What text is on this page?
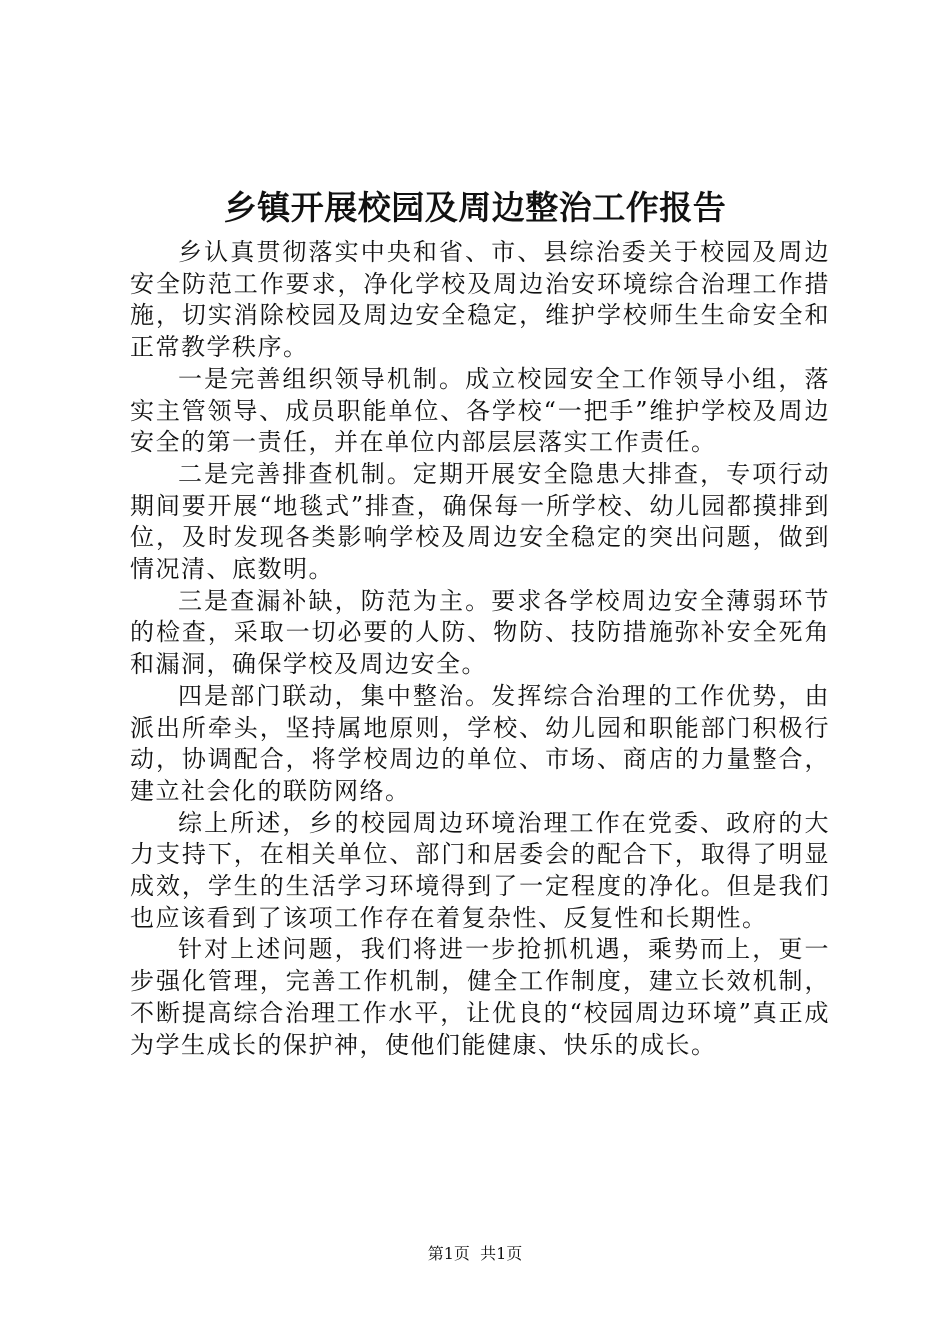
乡镇开展校园及周边整治工作报告

乡认真贯彻落实中央和省、市、县综治委关于校园及周边安全防范工作要求，净化学校及周边治安环境综合治理工作措施，切实消除校园及周边安全稳定，维护学校师生生命安全和正常教学秩序。

一是完善组织领导机制。成立校园安全工作领导小组，落实主管领导、成员职能单位、各学校“一把手”维护学校及周边安全的第一责任，并在单位内部层层落实工作责任。

二是完善排查机制。定期开展安全隐患大排查，专项行动期间要开展“地毯式”排查，确保每一所学校、幼儿园都摸排到位，及时发现各类影响学校及周边安全稳定的突出问题，做到情况清、底数明。

三是查漏补缺，防范为主。要求各学校周边安全薄弱环节的检查，采取一切必要的人防、物防、技防措施弥补安全死角和漏洞，确保学校及周边安全。

四是部门联动，集中整治。发挥综合治理的工作优势，由派出所牵头，坚持属地原则，学校、幼儿园和职能部门积极行动，协调配合，将学校周边的单位、市场、商店的力量整合，建立社会化的联防网络。

综上所述，乡的校园周边环境治理工作在党委、政府的大力支持下，在相关单位、部门和居委会的配合下，取得了明显成效，学生的生活学习环境得到了一定程度的净化。但是我们也应该看到了该项工作存在着复杂性、反复性和长期性。

针对上述问题，我们将进一步抢抓机遇，乘势而上，更一步强化管理，完善工作机制，健全工作制度，建立长效机制，不断提高综合治理工作水平，让优良的“校园周边环境”真正成为学生成长的保护神，使他们能健康、快乐的成长。

第1页  共1页
